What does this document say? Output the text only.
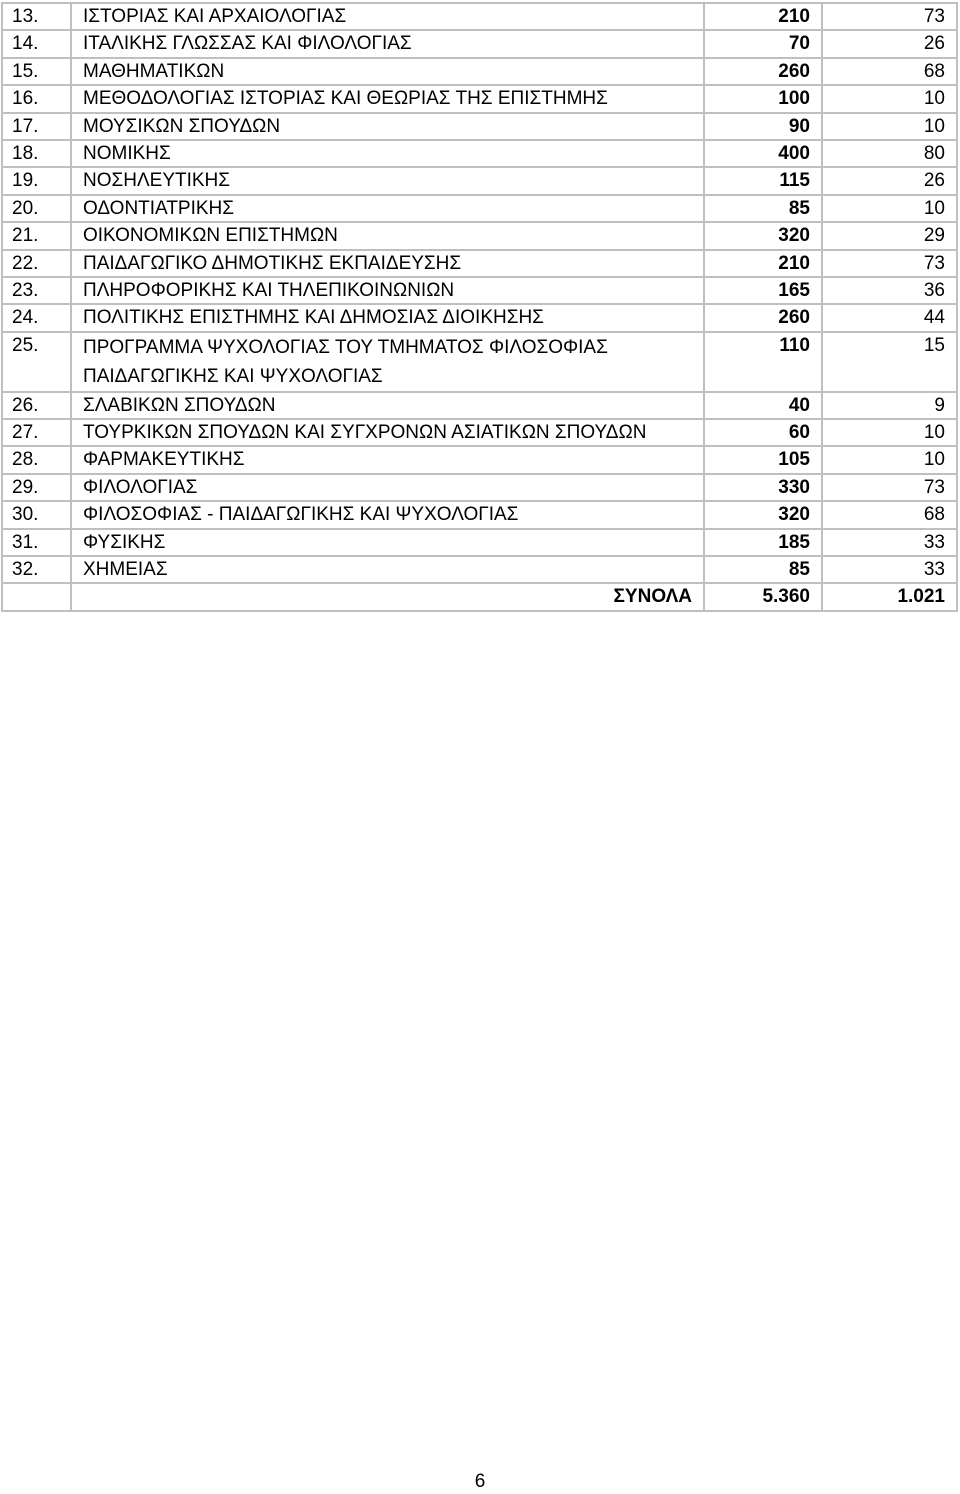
13.	ΙΣΤΟΡΙΑΣ ΚΑΙ ΑΡΧΑΙΟΛΟΓΙΑΣ	210	73
14.	ΙΤΑΛΙΚΗΣ ΓΛΩΣΣΑΣ ΚΑΙ ΦΙΛΟΛΟΓΙΑΣ	70	26
15.	ΜΑΘΗΜΑΤΙΚΩΝ	260	68
16.	ΜΕΘΟΔΟΛΟΓΙΑΣ ΙΣΤΟΡΙΑΣ ΚΑΙ ΘΕΩΡΙΑΣ ΤΗΣ ΕΠΙΣΤΗΜΗΣ	100	10
17.	ΜΟΥΣΙΚΩΝ ΣΠΟΥΔΩΝ	90	10
18.	ΝΟΜΙΚΗΣ	400	80
19.	ΝΟΣΗΛΕΥΤΙΚΗΣ	115	26
20.	ΟΔΟΝΤΙΑΤΡΙΚΗΣ	85	10
21.	ΟΙΚΟΝΟΜΙΚΩΝ ΕΠΙΣΤΗΜΩΝ	320	29
22.	ΠΑΙΔΑΓΩΓΙΚΟ ΔΗΜΟΤΙΚΗΣ ΕΚΠΑΙΔΕΥΣΗΣ	210	73
23.	ΠΛΗΡΟΦΟΡΙΚΗΣ ΚΑΙ ΤΗΛΕΠΙΚΟΙΝΩΝΙΩΝ	165	36
24.	ΠΟΛΙΤΙΚΗΣ ΕΠΙΣΤΗΜΗΣ ΚΑΙ ΔΗΜΟΣΙΑΣ ΔΙΟΙΚΗΣΗΣ	260	44
25.	ΠΡΟΓΡΑΜΜΑ ΨΥΧΟΛΟΓΙΑΣ ΤΟΥ ΤΜΗΜΑΤΟΣ ΦΙΛΟΣΟΦΙΑΣ ΠΑΙΔΑΓΩΓΙΚΗΣ ΚΑΙ ΨΥΧΟΛΟΓΙΑΣ	110	15
26.	ΣΛΑΒΙΚΩΝ ΣΠΟΥΔΩΝ	40	9
27.	ΤΟΥΡΚΙΚΩΝ ΣΠΟΥΔΩΝ ΚΑΙ ΣΥΓΧΡΟΝΩΝ ΑΣΙΑΤΙΚΩΝ ΣΠΟΥΔΩΝ	60	10
28.	ΦΑΡΜΑΚΕΥΤΙΚΗΣ	105	10
29.	ΦΙΛΟΛΟΓΙΑΣ	330	73
30.	ΦΙΛΟΣΟΦΙΑΣ - ΠΑΙΔΑΓΩΓΙΚΗΣ ΚΑΙ ΨΥΧΟΛΟΓΙΑΣ	320	68
31.	ΦΥΣΙΚΗΣ	185	33
32.	ΧΗΜΕΙΑΣ	85	33
	ΣΥΝΟΛΑ	5.360	1.021
6
